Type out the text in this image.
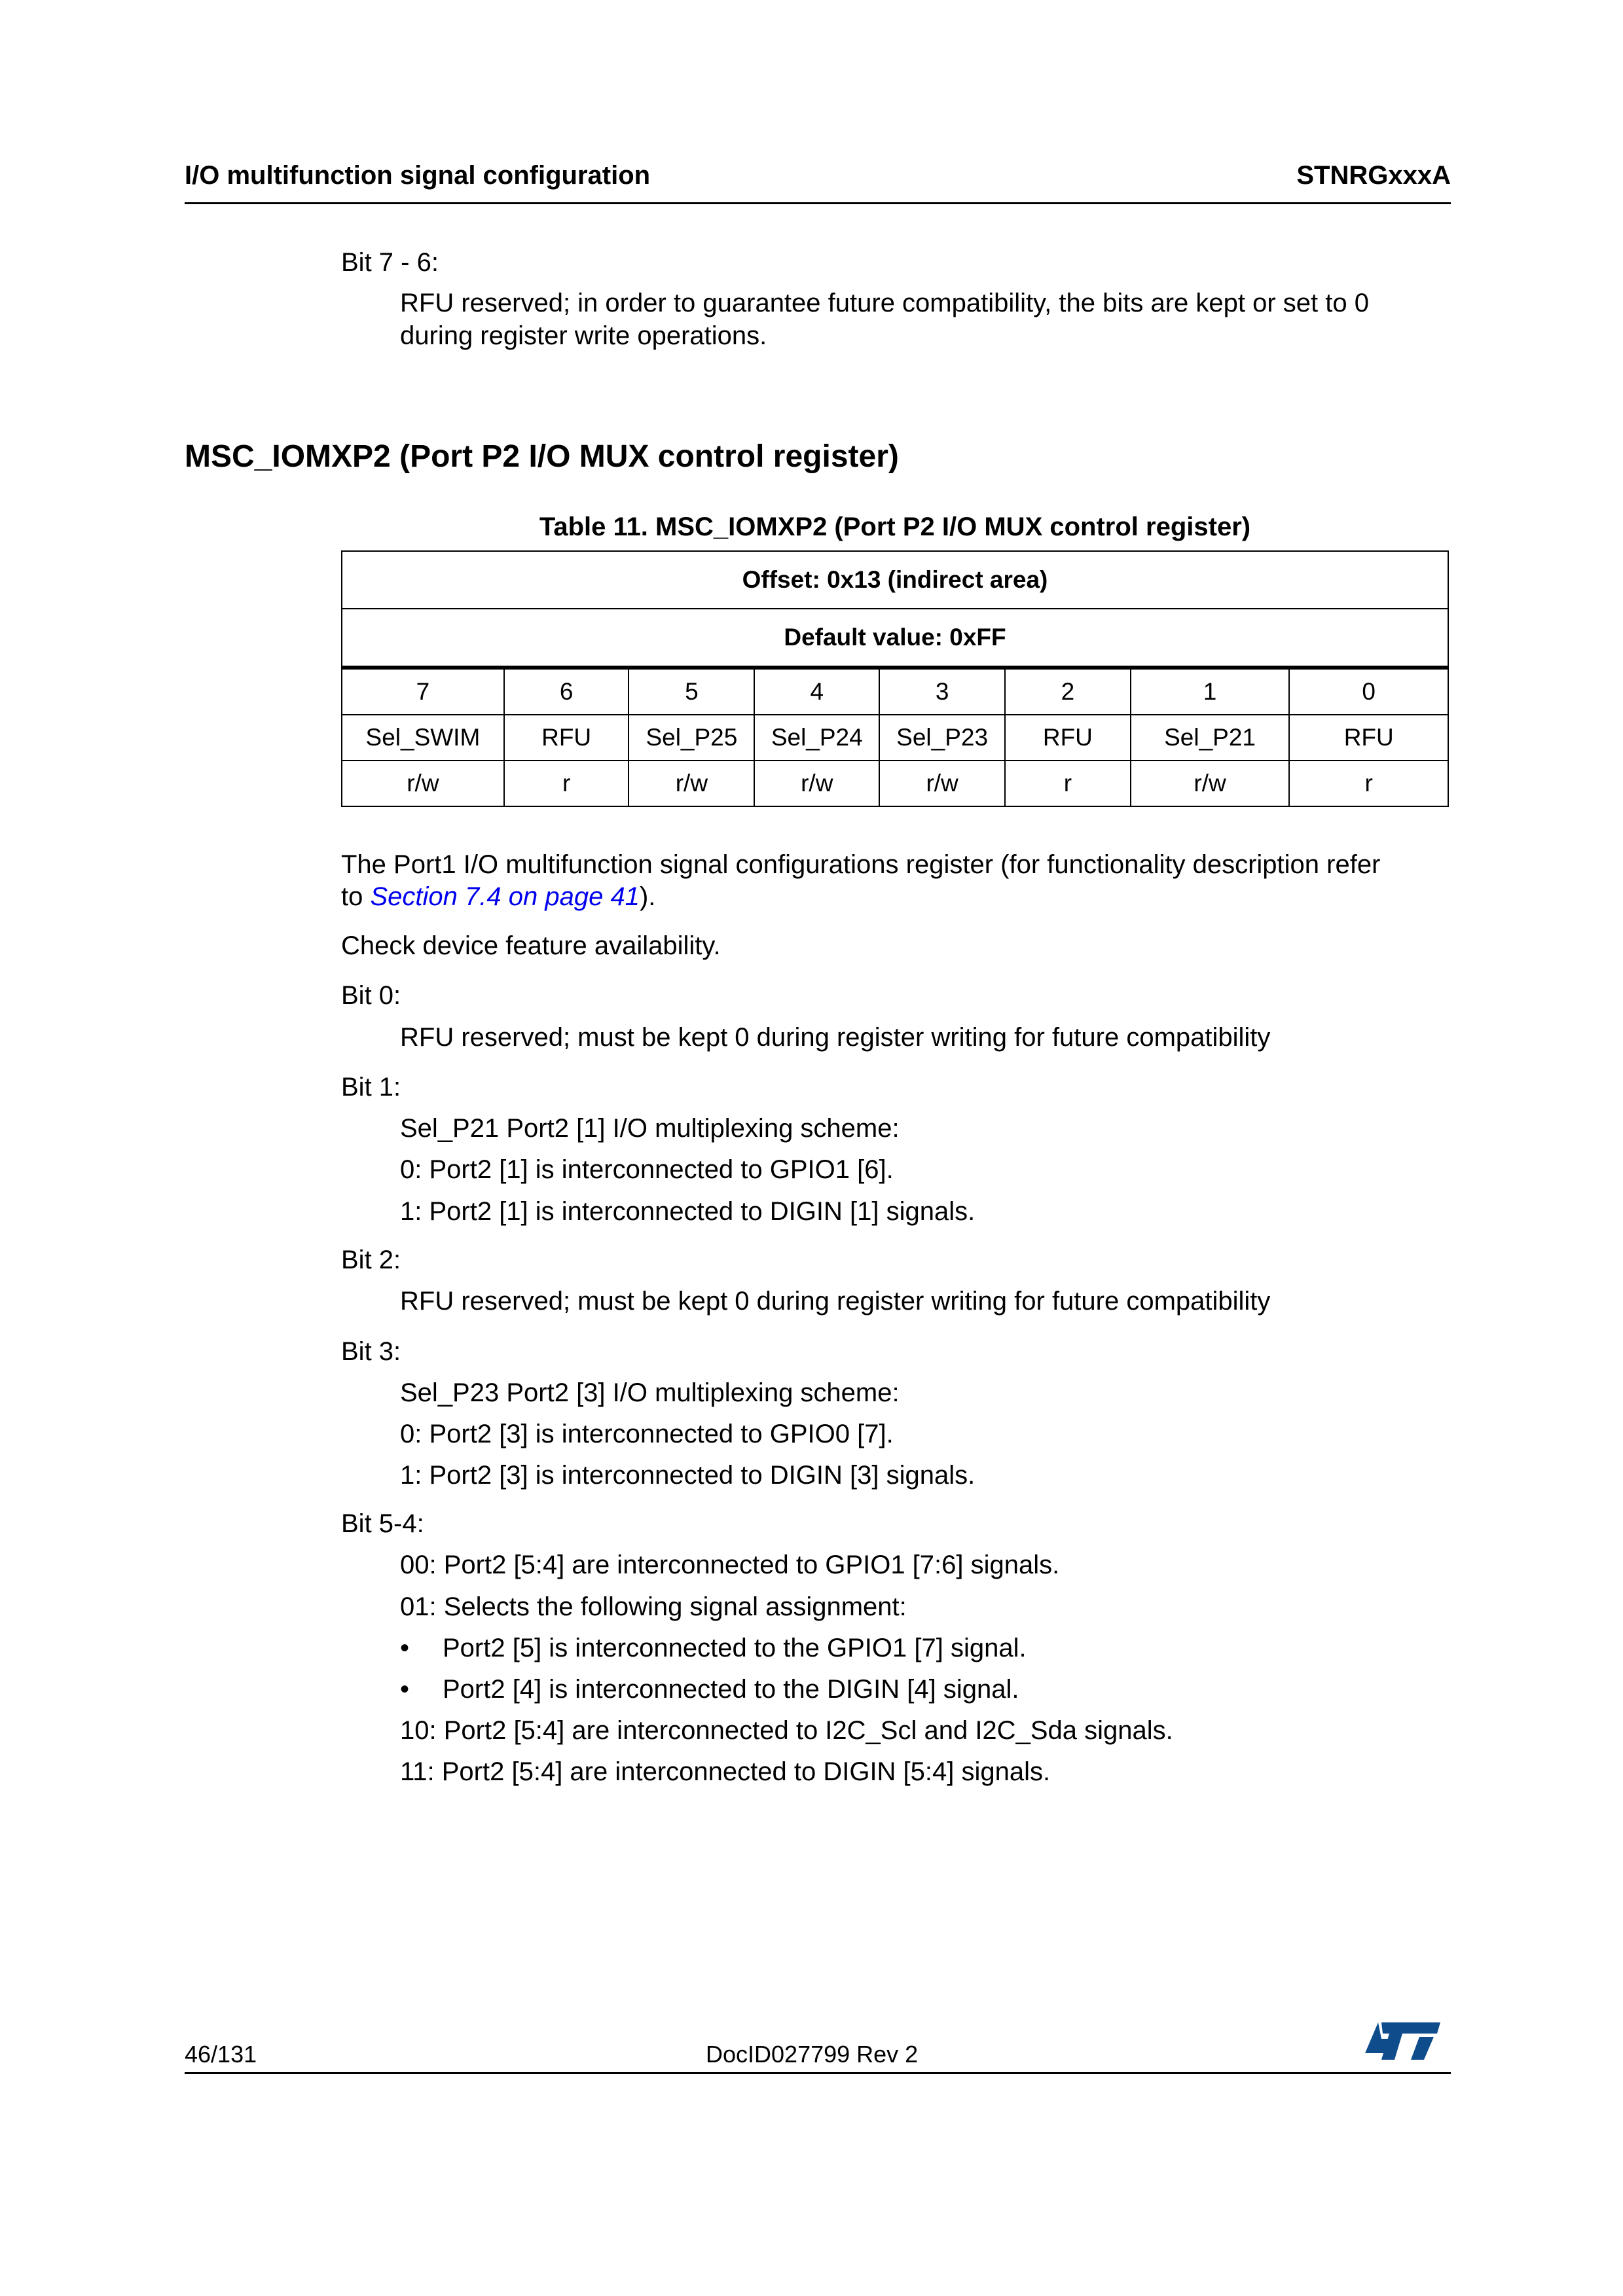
I/O multifunction signal configuration	STNRGxxxA
Bit 7 - 6:
RFU reserved; in order to guarantee future compatibility, the bits are kept or set to 0
during register write operations.
MSC_IOMXP2 (Port P2 I/O MUX control register)
Table 11. MSC_IOMXP2 (Port P2 I/O MUX control register)
Offset: 0x13 (indirect area)							
Default value: 0xFF							
7	6	5	4	3	2	1	0
Sel_SWIM	RFU	Sel_P25	Sel_P24	Sel_P23	RFU	Sel_P21	RFU
r/w	r	r/w	r/w	r/w	r	r/w	r
The Port1 I/O multifunction signal configurations register (for functionality description refer
to Section 7.4 on page 41).
Check device feature availability.
Bit 0:
RFU reserved; must be kept 0 during register writing for future compatibility
Bit 1:
Sel_P21 Port2 [1] I/O multiplexing scheme:
0: Port2 [1] is interconnected to GPIO1 [6].
1: Port2 [1] is interconnected to DIGIN [1] signals.
Bit 2:
RFU reserved; must be kept 0 during register writing for future compatibility
Bit 3:
Sel_P23 Port2 [3] I/O multiplexing scheme:
0: Port2 [3] is interconnected to GPIO0 [7].
1: Port2 [3] is interconnected to DIGIN [3] signals.
Bit 5-4:
00: Port2 [5:4] are interconnected to GPIO1 [7:6] signals.
01: Selects the following signal assignment:
• Port2 [5] is interconnected to the GPIO1 [7] signal.
• Port2 [4] is interconnected to the DIGIN [4] signal.
10: Port2 [5:4] are interconnected to I2C_Scl and I2C_Sda signals.
11: Port2 [5:4] are interconnected to DIGIN [5:4] signals.
46/131	DocID027799 Rev 2
